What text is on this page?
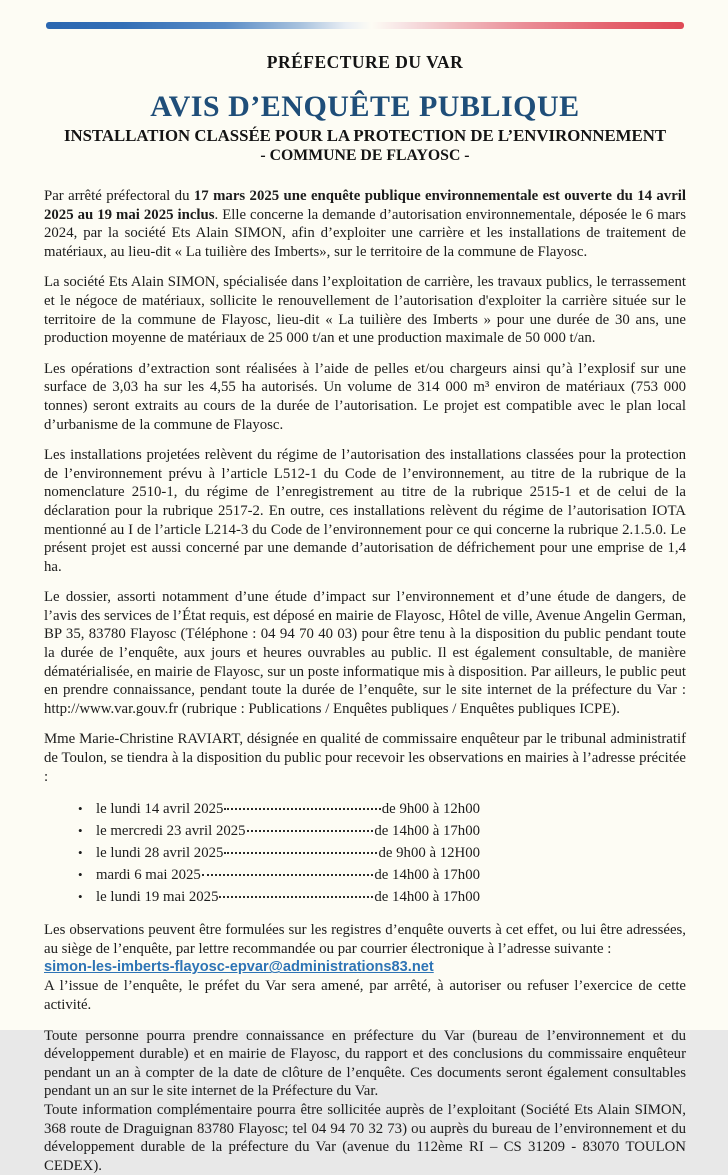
PRÉFECTURE DU VAR
AVIS D’ENQUÊTE PUBLIQUE
INSTALLATION CLASSÉE POUR LA PROTECTION DE L’ENVIRONNEMENT
- COMMUNE DE FLAYOSC -

Par arrêté préfectoral du 17 mars 2025 une enquête publique environnementale est ouverte du 14 avril 2025 au 19 mai 2025 inclus. Elle concerne la demande d’autorisation environnementale, déposée le 6 mars 2024, par la société Ets Alain SIMON, afin d’exploiter une carrière et les installations de traitement de matériaux, au lieu-dit « La tuilière des Imberts», sur le territoire de la commune de Flayosc.

La société Ets Alain SIMON, spécialisée dans l’exploitation de carrière, les travaux publics, le terrassement et le négoce de matériaux, sollicite le renouvellement de l’autorisation d'exploiter la carrière située sur le territoire de la commune de Flayosc, lieu-dit « La tuilière des Imberts » pour une durée de 30 ans, une production moyenne de matériaux de 25 000 t/an et une production maximale de 50 000 t/an.

Les opérations d’extraction sont réalisées à l’aide de pelles et/ou chargeurs ainsi qu’à l’explosif sur une surface de 3,03 ha sur les 4,55 ha autorisés. Un volume de 314 000 m³ environ de matériaux (753 000 tonnes) seront extraits au cours de la durée de l’autorisation. Le projet est compatible avec le plan local d’urbanisme de la commune de Flayosc.

Les installations projetées relèvent du régime de l’autorisation des installations classées pour la protection de l’environnement prévu à l’article L512-1 du Code de l’environnement, au titre de la rubrique de la nomenclature 2510-1, du régime de l’enregistrement au titre de la rubrique 2515-1 et de celui de la déclaration pour la rubrique 2517-2. En outre, ces installations relèvent du régime de l’autorisation IOTA mentionné au I de l’article L214-3 du Code de l’environnement pour ce qui concerne la rubrique 2.1.5.0. Le présent projet est aussi concerné par une demande d’autorisation de défrichement pour une emprise de 1,4 ha.

Le dossier, assorti notamment d’une étude d’impact sur l’environnement et d’une étude de dangers, de l’avis des services de l’État requis, est déposé en mairie de Flayosc, Hôtel de ville, Avenue Angelin German, BP 35, 83780 Flayosc (Téléphone : 04 94 70 40 03) pour être tenu à la disposition du public pendant toute la durée de l’enquête, aux jours et heures ouvrables au public. Il est également consultable, de manière dématérialisée, en mairie de Flayosc, sur un poste informatique mis à disposition. Par ailleurs, le public peut en prendre connaissance, pendant toute la durée de l’enquête, sur le site internet de la préfecture du Var : http://www.var.gouv.fr (rubrique : Publications / Enquêtes publiques / Enquêtes publiques ICPE).

Mme Marie-Christine RAVIART, désignée en qualité de commissaire enquêteur par le tribunal administratif de Toulon, se tiendra à la disposition du public pour recevoir les observations en mairies à l’adresse précitée :

• le lundi 14 avril 2025	de 9h00 à 12h00
• le mercredi 23 avril 2025	de 14h00 à 17h00
• le lundi 28 avril 2025	de 9h00 à 12H00
• mardi 6 mai 2025	de 14h00 à 17h00
• le lundi 19 mai 2025	de 14h00 à 17h00

Les observations peuvent être formulées sur les registres d’enquête ouverts à cet effet, ou lui être adressées, au siège de l’enquête, par lettre recommandée ou par courrier électronique à l’adresse suivante :

simon-les-imberts-flayosc-epvar@administrations83.net

A l’issue de l’enquête, le préfet du Var sera amené, par arrêté, à autoriser ou refuser l’exercice de cette activité.

Toute personne pourra prendre connaissance en préfecture du Var (bureau de l’environnement et du développement durable) et en mairie de Flayosc, du rapport et des conclusions du commissaire enquêteur pendant un an à compter de la date de clôture de l’enquête. Ces documents seront également consultables pendant un an sur le site internet de la Préfecture du Var.

Toute information complémentaire pourra être sollicitée auprès de l’exploitant (Société Ets Alain SIMON, 368 route de Draguignan 83780 Flayosc; tel 04 94 70 32 73) ou auprès du bureau de l’environnement et du développement durable de la préfecture du Var (avenue du 112ème RI – CS 31209 - 83070 TOULON CEDEX).
